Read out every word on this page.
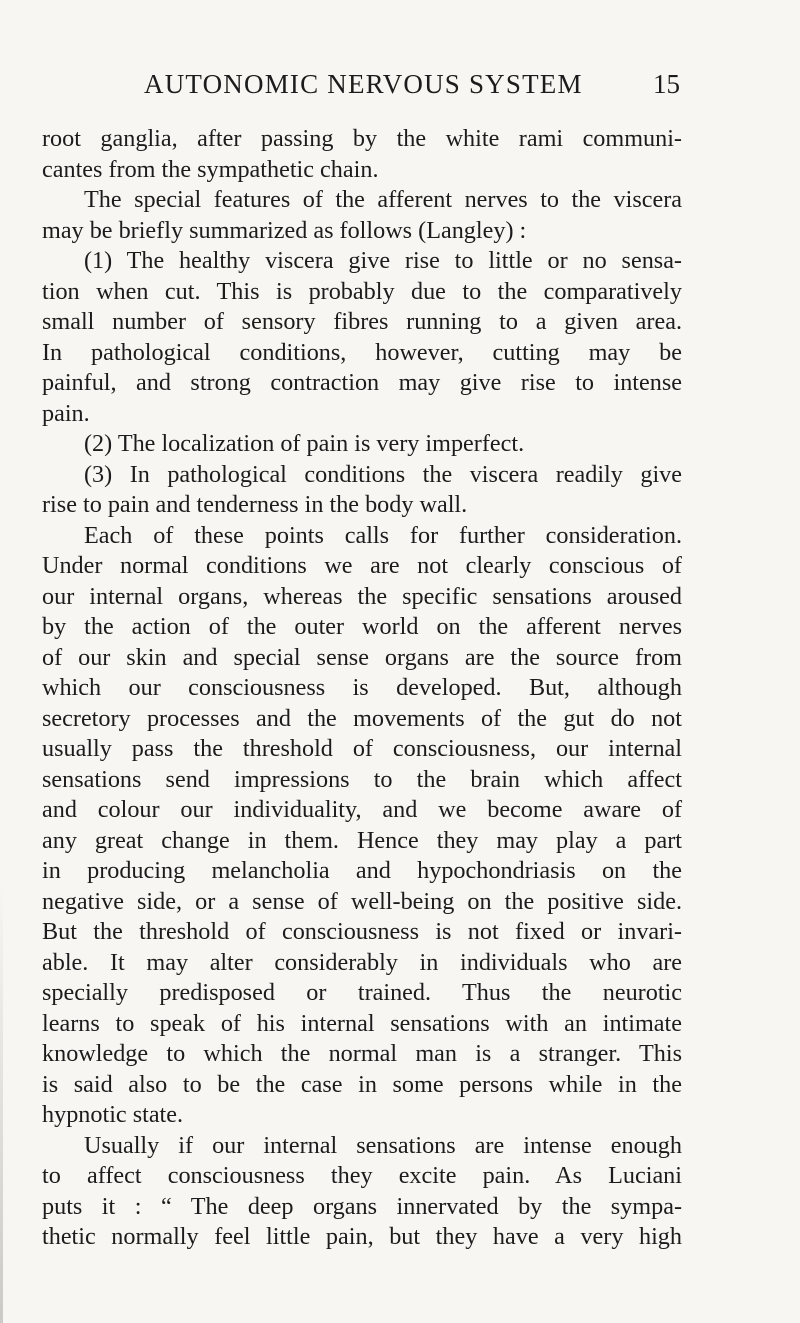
AUTONOMIC NERVOUS SYSTEM	15
root ganglia, after passing by the white rami communi-
cantes from the sympathetic chain.
The special features of the afferent nerves to the viscera
may be briefly summarized as follows (Langley) :
(1) The healthy viscera give rise to little or no sensa-
tion when cut. This is probably due to the comparatively
small number of sensory fibres running to a given area.
In pathological conditions, however, cutting may be
painful, and strong contraction may give rise to intense
pain.
(2) The localization of pain is very imperfect.
(3) In pathological conditions the viscera readily give
rise to pain and tenderness in the body wall.
Each of these points calls for further consideration.
Under normal conditions we are not clearly conscious of
our internal organs, whereas the specific sensations aroused
by the action of the outer world on the afferent nerves
of our skin and special sense organs are the source from
which our consciousness is developed. But, although
secretory processes and the movements of the gut do not
usually pass the threshold of consciousness, our internal
sensations send impressions to the brain which affect
and colour our individuality, and we become aware of
any great change in them. Hence they may play a part
in producing melancholia and hypochondriasis on the
negative side, or a sense of well-being on the positive side.
But the threshold of consciousness is not fixed or invari-
able. It may alter considerably in individuals who are
specially predisposed or trained. Thus the neurotic
learns to speak of his internal sensations with an intimate
knowledge to which the normal man is a stranger. This
is said also to be the case in some persons while in the
hypnotic state.
Usually if our internal sensations are intense enough
to affect consciousness they excite pain. As Luciani
puts it : “ The deep organs innervated by the sympa-
thetic normally feel little pain, but they have a very high
